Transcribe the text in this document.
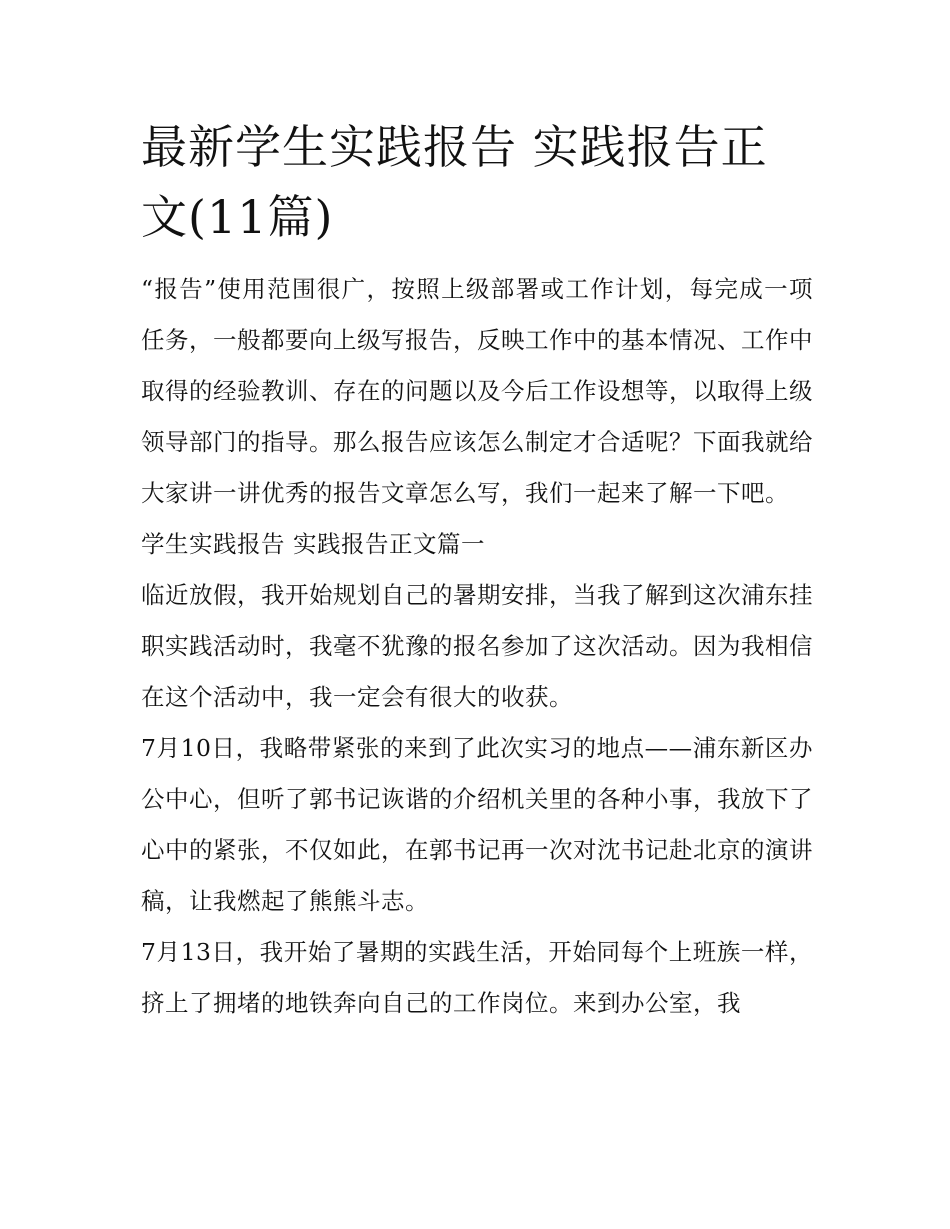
最新学生实践报告 实践报告正文(11篇)

“报告”使用范围很广，按照上级部署或工作计划，每完成一项任务，一般都要向上级写报告，反映工作中的基本情况、工作中取得的经验教训、存在的问题以及今后工作设想等，以取得上级领导部门的指导。那么报告应该怎么制定才合适呢？下面我就给大家讲一讲优秀的报告文章怎么写，我们一起来了解一下吧。

学生实践报告 实践报告正文篇一

临近放假，我开始规划自己的暑期安排，当我了解到这次浦东挂职实践活动时，我毫不犹豫的报名参加了这次活动。因为我相信在这个活动中，我一定会有很大的收获。

7月10日，我略带紧张的来到了此次实习的地点——浦东新区办公中心，但听了郭书记诙谐的介绍机关里的各种小事，我放下了心中的紧张，不仅如此，在郭书记再一次对沈书记赴北京的演讲稿，让我燃起了熊熊斗志。

7月13日，我开始了暑期的实践生活，开始同每个上班族一样，挤上了拥堵的地铁奔向自己的工作岗位。来到办公室，我
